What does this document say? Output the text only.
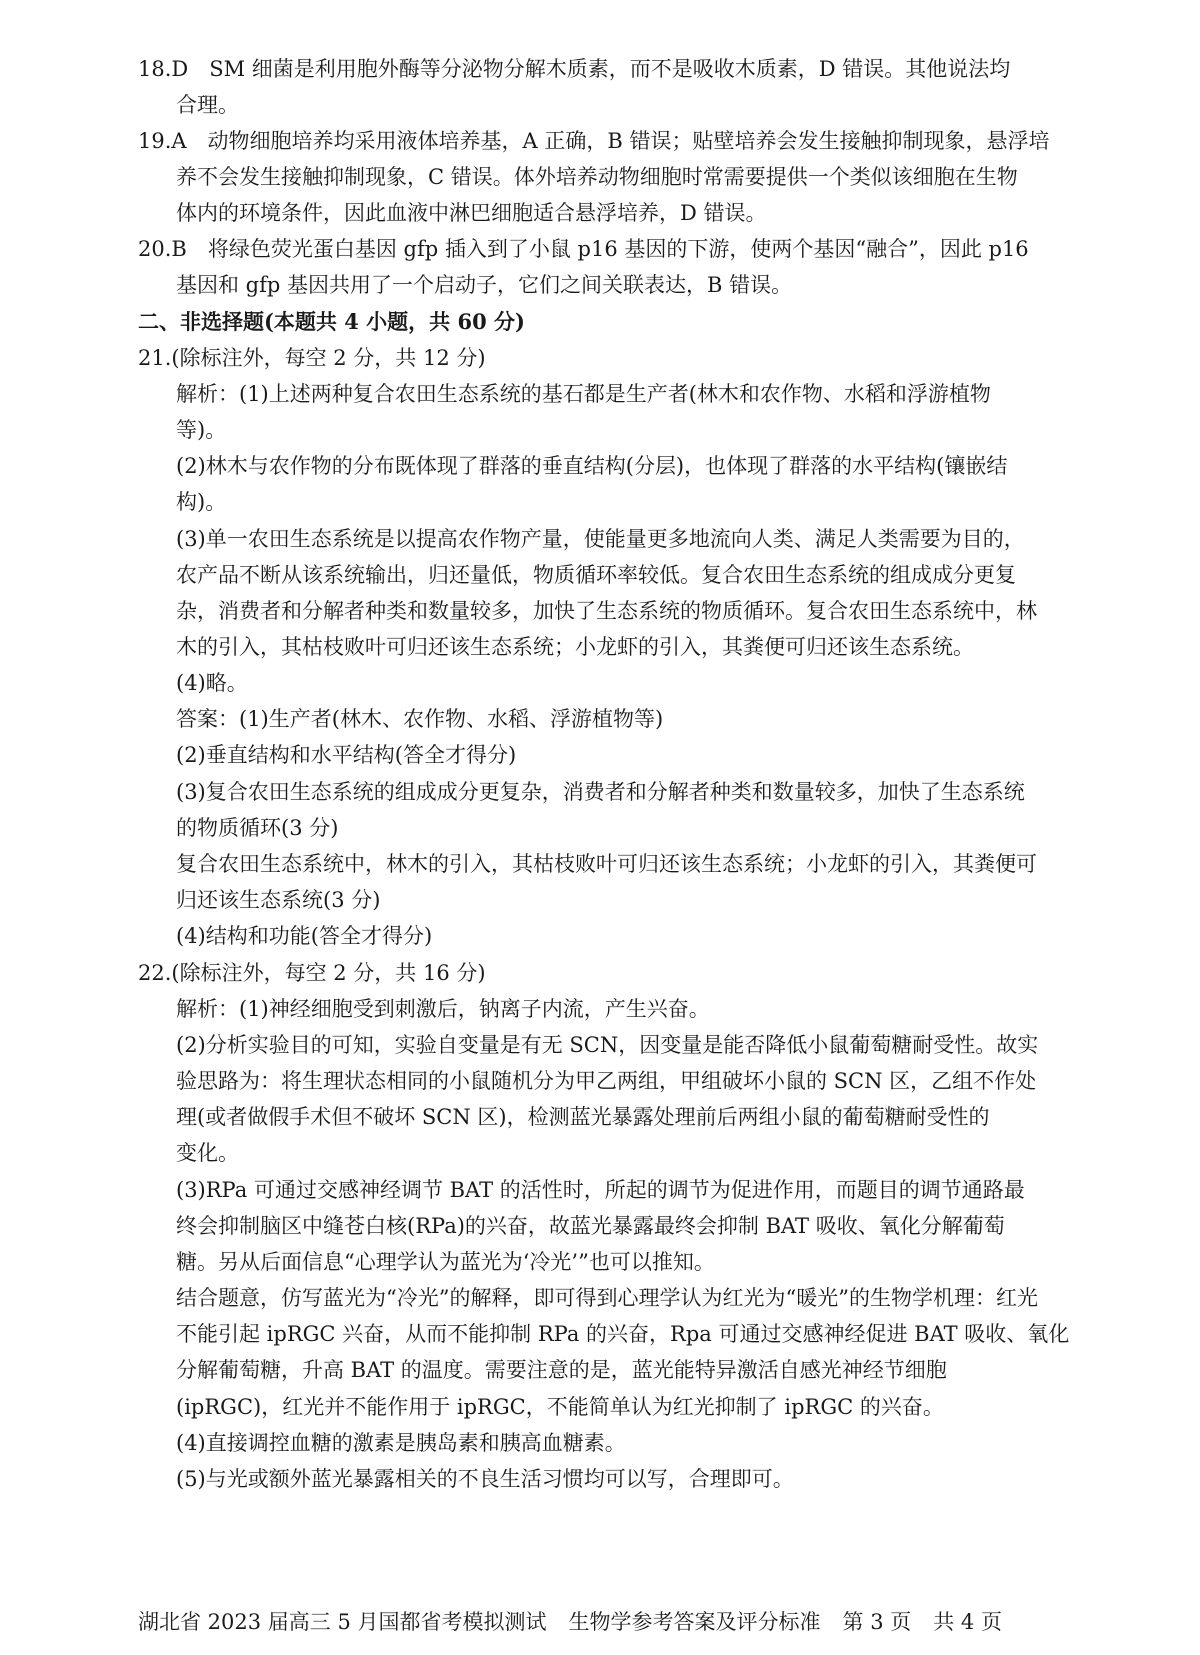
18.D　SM 细菌是利用胞外酶等分泌物分解木质素，而不是吸收木质素，D 错误。其他说法均
合理。
19.A　动物细胞培养均采用液体培养基，A 正确，B 错误；贴壁培养会发生接触抑制现象，悬浮培
养不会发生接触抑制现象，C 错误。体外培养动物细胞时常需要提供一个类似该细胞在生物
体内的环境条件，因此血液中淋巴细胞适合悬浮培养，D 错误。
20.B　将绿色荧光蛋白基因 gfp 插入到了小鼠 p16 基因的下游，使两个基因“融合”，因此 p16
基因和 gfp 基因共用了一个启动子，它们之间关联表达，B 错误。
二、非选择题(本题共 4 小题，共 60 分)
21.(除标注外，每空 2 分，共 12 分)
解析：(1)上述两种复合农田生态系统的基石都是生产者(林木和农作物、水稻和浮游植物
等)。
(2)林木与农作物的分布既体现了群落的垂直结构(分层)，也体现了群落的水平结构(镶嵌结
构)。
(3)单一农田生态系统是以提高农作物产量，使能量更多地流向人类、满足人类需要为目的，
农产品不断从该系统输出，归还量低，物质循环率较低。复合农田生态系统的组成成分更复
杂，消费者和分解者种类和数量较多，加快了生态系统的物质循环。复合农田生态系统中，林
木的引入，其枯枝败叶可归还该生态系统；小龙虾的引入，其粪便可归还该生态系统。
(4)略。
答案：(1)生产者(林木、农作物、水稻、浮游植物等)
(2)垂直结构和水平结构(答全才得分)
(3)复合农田生态系统的组成成分更复杂，消费者和分解者种类和数量较多，加快了生态系统
的物质循环(3 分)
复合农田生态系统中，林木的引入，其枯枝败叶可归还该生态系统；小龙虾的引入，其粪便可
归还该生态系统(3 分)
(4)结构和功能(答全才得分)
22.(除标注外，每空 2 分，共 16 分)
解析：(1)神经细胞受到刺激后，钠离子内流，产生兴奋。
(2)分析实验目的可知，实验自变量是有无 SCN，因变量是能否降低小鼠葡萄糖耐受性。故实
验思路为：将生理状态相同的小鼠随机分为甲乙两组，甲组破坏小鼠的 SCN 区，乙组不作处
理(或者做假手术但不破坏 SCN 区)，检测蓝光暴露处理前后两组小鼠的葡萄糖耐受性的
变化。
(3)RPa 可通过交感神经调节 BAT 的活性时，所起的调节为促进作用，而题目的调节通路最
终会抑制脑区中缝苍白核(RPa)的兴奋，故蓝光暴露最终会抑制 BAT 吸收、氧化分解葡萄
糖。另从后面信息“心理学认为蓝光为‘冷光’”也可以推知。
结合题意，仿写蓝光为“冷光”的解释，即可得到心理学认为红光为“暖光”的生物学机理：红光
不能引起 ipRGC 兴奋，从而不能抑制 RPa 的兴奋，Rpa 可通过交感神经促进 BAT 吸收、氧化
分解葡萄糖，升高 BAT 的温度。需要注意的是，蓝光能特异激活自感光神经节细胞
(ipRGC)，红光并不能作用于 ipRGC，不能简单认为红光抑制了 ipRGC 的兴奋。
(4)直接调控血糖的激素是胰岛素和胰高血糖素。
(5)与光或额外蓝光暴露相关的不良生活习惯均可以写，合理即可。
湖北省 2023 届高三 5 月国都省考模拟测试 生物学参考答案及评分标准 第 3 页 共 4 页
